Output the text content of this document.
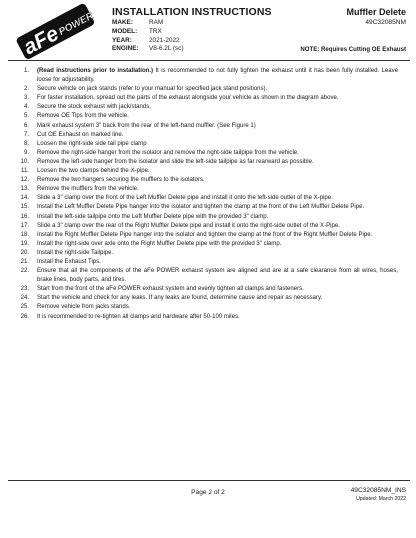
aFe
POWER INSTALLATION INSTRUCTIONS
MAKE:	RAM
MODEL:	TRX
YEAR:	2021-2022
ENGINE:	V8-6.2L (sc)
Muffler Delete
49C32085NM
NOTE: Requires Cutting OE Exhaust
1.	(Read instructions prior to installation.) It is recommended to not fully tighten the exhaust until it has been fully installed. Leave loose for adjustability.
2.	Secure vehicle on jack stands (refer to your manual for specified jack stand positions).
3.	For faster installation, spread out the parts of the exhaust alongside your vehicle as shown in the diagram above.
4.	Secure the stock exhaust with jack/stands.
5.	Remove OE Tips from the vehicle.
6.	Mark exhaust system 3" back from the rear of the left-hand muffler. (See Figure 1)
7.	Cut OE Exhaust on marked line.
8.	Loosen the right-side side tail pipe clamp
9.	Remove the right-side hanger from the isolator and remove the right-side tailpipe from the vehicle.
10.	Remove the left-side hanger from the isolator and slide the left-side tailpipe as far rearward as possible.
11.	Loosen the two clamps behind the X-pipe.
12.	Remove the two hangers securing the mufflers to the isolators.
13.	Remove the mufflers from the vehicle.
14.	Slide a 3" clamp over the front of the Left Muffler Delete pipe and install it onto the left-side outlet of the X-pipe.
15.	Install the Left Muffler Delete Pipe hanger into the isolator and tighten the clamp at the front of the Left Muffler Delete Pipe.
16.	Install the left-side tailpipe onto the Left Muffler Delete pipe with the provided 3" clamp.
17.	Slide a 3" clamp over the rear of the Right Muffler Delete pipe and install it onto the right-side outlet of the X-Pipe.
18.	Install the Right Muffler Delete Pipe hanger into the isolator and tighten the clamp at the front of the Right Muffler Delete Pipe.
19.	Install the right-side over axle onto the Right Muffler Delete pipe with the provided 3" clamp.
20.	Install the right-side Tailpipe.
21.	Install the Exhaust Tips.
22.	Ensure that all the components of the aFe POWER exhaust system are aligned and are at a safe clearance from all wires, hoses, brake lines, body parts, and tires.
23.	Start from the front of the aFe POWER exhaust system and evenly tighten all clamps and fasteners.
24.	Start the vehicle and check for any leaks. If any leaks are found, determine cause and repair as necessary.
25.	Remove vehicle from jacks stands.
26.	It is recommended to re-tighten all clamps and hardware after 50-100 miles.
Page 2 of 2	49C32085NM_INS
Updated: March 2022
